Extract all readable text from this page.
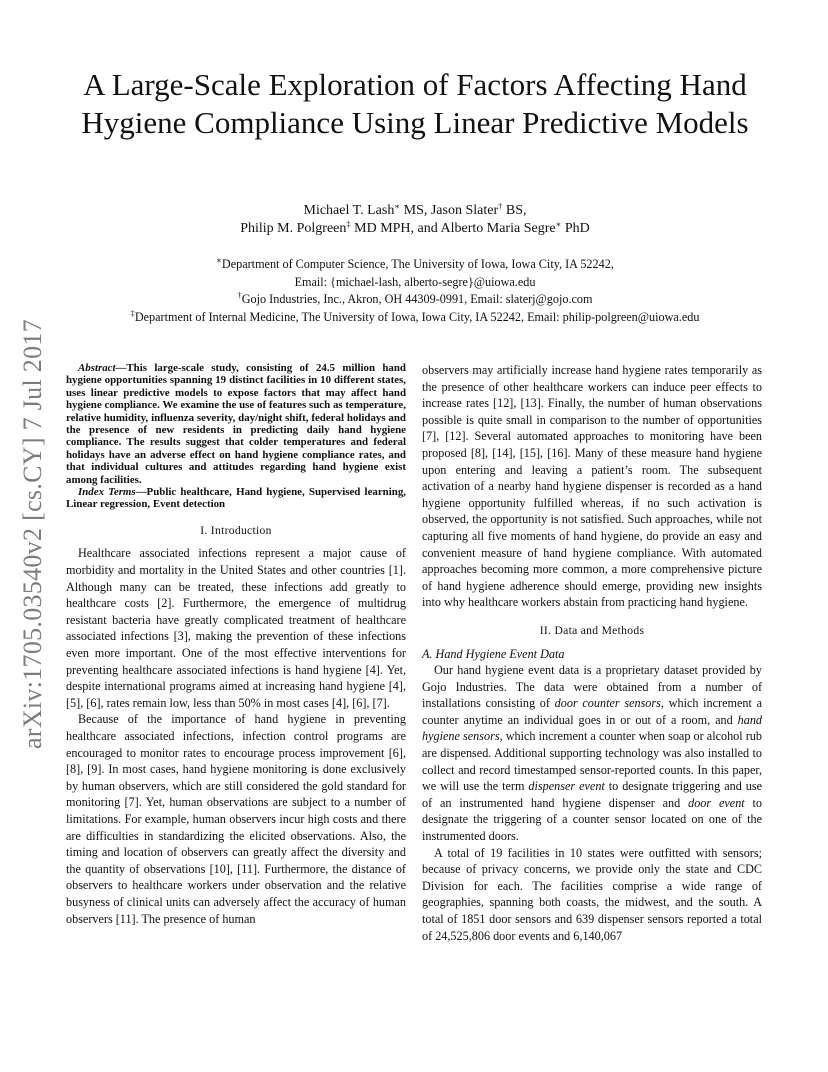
arXiv:1705.03540v2 [cs.CY] 7 Jul 2017
A Large-Scale Exploration of Factors Affecting Hand Hygiene Compliance Using Linear Predictive Models
Michael T. Lash∗ MS, Jason Slater† BS,
Philip M. Polgreen‡ MD MPH, and Alberto Maria Segre∗ PhD
∗Department of Computer Science, The University of Iowa, Iowa City, IA 52242,
Email: {michael-lash, alberto-segre}@uiowa.edu
†Gojo Industries, Inc., Akron, OH 44309-0991, Email: slaterj@gojo.com
‡Department of Internal Medicine, The University of Iowa, Iowa City, IA 52242, Email: philip-polgreen@uiowa.edu

Abstract—This large-scale study, consisting of 24.5 million hand hygiene opportunities spanning 19 distinct facilities in 10 different states, uses linear predictive models to expose factors that may affect hand hygiene compliance. We examine the use of features such as temperature, relative humidity, influenza severity, day/night shift, federal holidays and the presence of new residents in predicting daily hand hygiene compliance. The results suggest that colder temperatures and federal holidays have an adverse effect on hand hygiene compliance rates, and that individual cultures and attitudes regarding hand hygiene exist among facilities.

Index Terms—Public healthcare, Hand hygiene, Supervised learning, Linear regression, Event detection

I. Introduction

Healthcare associated infections represent a major cause of morbidity and mortality in the United States and other countries [1]. Although many can be treated, these infections add greatly to healthcare costs [2]. Furthermore, the emergence of multidrug resistant bacteria have greatly complicated treatment of healthcare associated infections [3], making the prevention of these infections even more important. One of the most effective interventions for preventing healthcare associated infections is hand hygiene [4]. Yet, despite international programs aimed at increasing hand hygiene [4], [5], [6], rates remain low, less than 50% in most cases [4], [6], [7].

Because of the importance of hand hygiene in preventing healthcare associated infections, infection control programs are encouraged to monitor rates to encourage process improvement [6], [8], [9]. In most cases, hand hygiene monitoring is done exclusively by human observers, which are still considered the gold standard for monitoring [7]. Yet, human observations are subject to a number of limitations. For example, human observers incur high costs and there are difficulties in standardizing the elicited observations. Also, the timing and location of observers can greatly affect the diversity and the quantity of observations [10], [11]. Furthermore, the distance of observers to healthcare workers under observation and the relative busyness of clinical units can adversely affect the accuracy of human observers [11]. The presence of human

observers may artificially increase hand hygiene rates temporarily as the presence of other healthcare workers can induce peer effects to increase rates [12], [13]. Finally, the number of human observations possible is quite small in comparison to the number of opportunities [7], [12]. Several automated approaches to monitoring have been proposed [8], [14], [15], [16]. Many of these measure hand hygiene upon entering and leaving a patient’s room. The subsequent activation of a nearby hand hygiene dispenser is recorded as a hand hygiene opportunity fulfilled whereas, if no such activation is observed, the opportunity is not satisfied. Such approaches, while not capturing all five moments of hand hygiene, do provide an easy and convenient measure of hand hygiene compliance. With automated approaches becoming more common, a more comprehensive picture of hand hygiene adherence should emerge, providing new insights into why healthcare workers abstain from practicing hand hygiene.

II. Data and Methods

A. Hand Hygiene Event Data

Our hand hygiene event data is a proprietary dataset provided by Gojo Industries. The data were obtained from a number of installations consisting of door counter sensors, which increment a counter anytime an individual goes in or out of a room, and hand hygiene sensors, which increment a counter when soap or alcohol rub are dispensed. Additional supporting technology was also installed to collect and record timestamped sensor-reported counts. In this paper, we will use the term dispenser event to designate triggering and use of an instrumented hand hygiene dispenser and door event to designate the triggering of a counter sensor located on one of the instrumented doors.

A total of 19 facilities in 10 states were outfitted with sensors; because of privacy concerns, we provide only the state and CDC Division for each. The facilities comprise a wide range of geographies, spanning both coasts, the midwest, and the south. A total of 1851 door sensors and 639 dispenser sensors reported a total of 24,525,806 door events and 6,140,067
